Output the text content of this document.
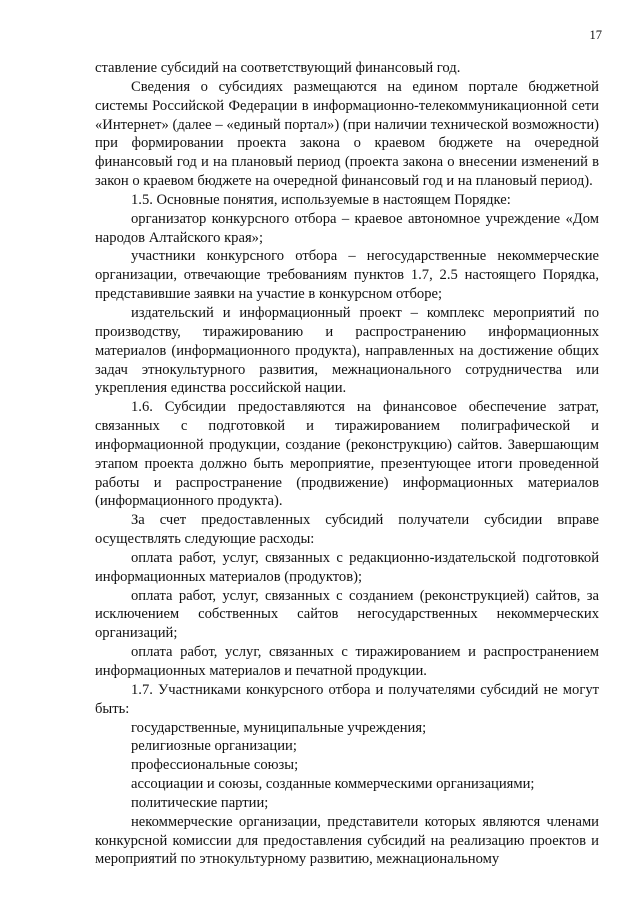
17

ставление субсидий на соответствующий финансовый год.

Сведения о субсидиях размещаются на едином портале бюджетной системы Российской Федерации в информационно-телекоммуникационной сети «Интернет» (далее – «единый портал») (при наличии технической возможности) при формировании проекта закона о краевом бюджете на очередной финансовый год и на плановый период (проекта закона о внесении изменений в закон о краевом бюджете на очередной финансовый год и на плановый период).

1.5. Основные понятия, используемые в настоящем Порядке:

организатор конкурсного отбора – краевое автономное учреждение «Дом народов Алтайского края»;

участники конкурсного отбора – негосударственные некоммерческие организации, отвечающие требованиям пунктов 1.7, 2.5 настоящего Порядка, представившие заявки на участие в конкурсном отборе;

издательский и информационный проект – комплекс мероприятий по производству, тиражированию и распространению информационных материалов (информационного продукта), направленных на достижение общих задач этнокультурного развития, межнационального сотрудничества или укрепления единства российской нации.

1.6. Субсидии предоставляются на финансовое обеспечение затрат, связанных с подготовкой и тиражированием полиграфической и информационной продукции, создание (реконструкцию) сайтов. Завершающим этапом проекта должно быть мероприятие, презентующее итоги проведенной работы и распространение (продвижение) информационных материалов (информационного продукта).

За счет предоставленных субсидий получатели субсидии вправе осуществлять следующие расходы:

оплата работ, услуг, связанных с редакционно-издательской подготовкой информационных материалов (продуктов);

оплата работ, услуг, связанных с созданием (реконструкцией) сайтов, за исключением собственных сайтов негосударственных некоммерческих организаций;

оплата работ, услуг, связанных с тиражированием и распространением информационных материалов и печатной продукции.

1.7. Участниками конкурсного отбора и получателями субсидий не могут быть:

государственные, муниципальные учреждения;

религиозные организации;

профессиональные союзы;

ассоциации и союзы, созданные коммерческими организациями;

политические партии;

некоммерческие организации, представители которых являются членами конкурсной комиссии для предоставления субсидий на реализацию проектов и мероприятий по этнокультурному развитию, межнациональному
